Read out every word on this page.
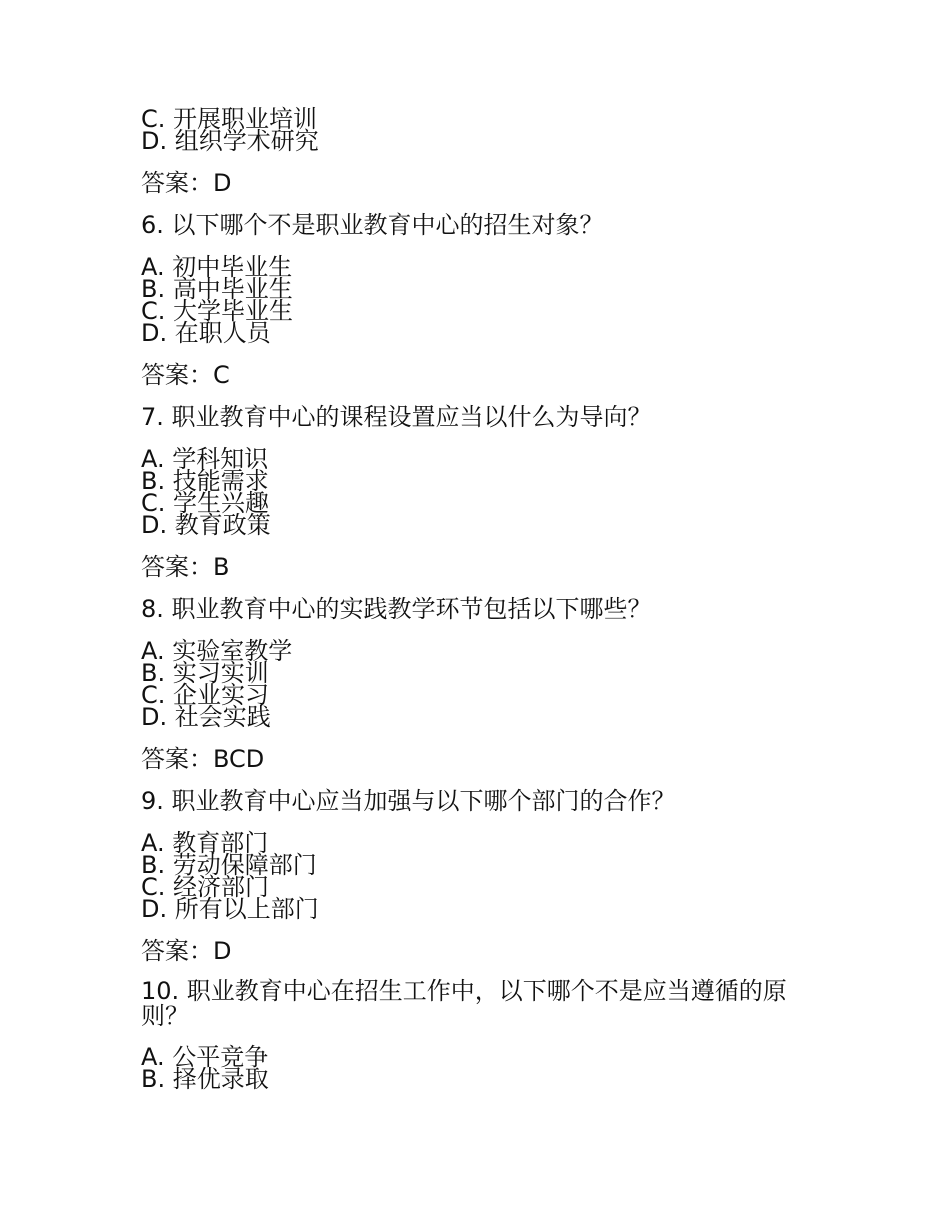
C. 开展职业培训
D. 组织学术研究
答案：D
6. 以下哪个不是职业教育中心的招生对象？
A. 初中毕业生
B. 高中毕业生
C. 大学毕业生
D. 在职人员
答案：C
7. 职业教育中心的课程设置应当以什么为导向？
A. 学科知识
B. 技能需求
C. 学生兴趣
D. 教育政策
答案：B
8. 职业教育中心的实践教学环节包括以下哪些？
A. 实验室教学
B. 实习实训
C. 企业实习
D. 社会实践
答案：BCD
9. 职业教育中心应当加强与以下哪个部门的合作？
A. 教育部门
B. 劳动保障部门
C. 经济部门
D. 所有以上部门
答案：D
10. 职业教育中心在招生工作中，以下哪个不是应当遵循的原则？
A. 公平竞争
B. 择优录取
